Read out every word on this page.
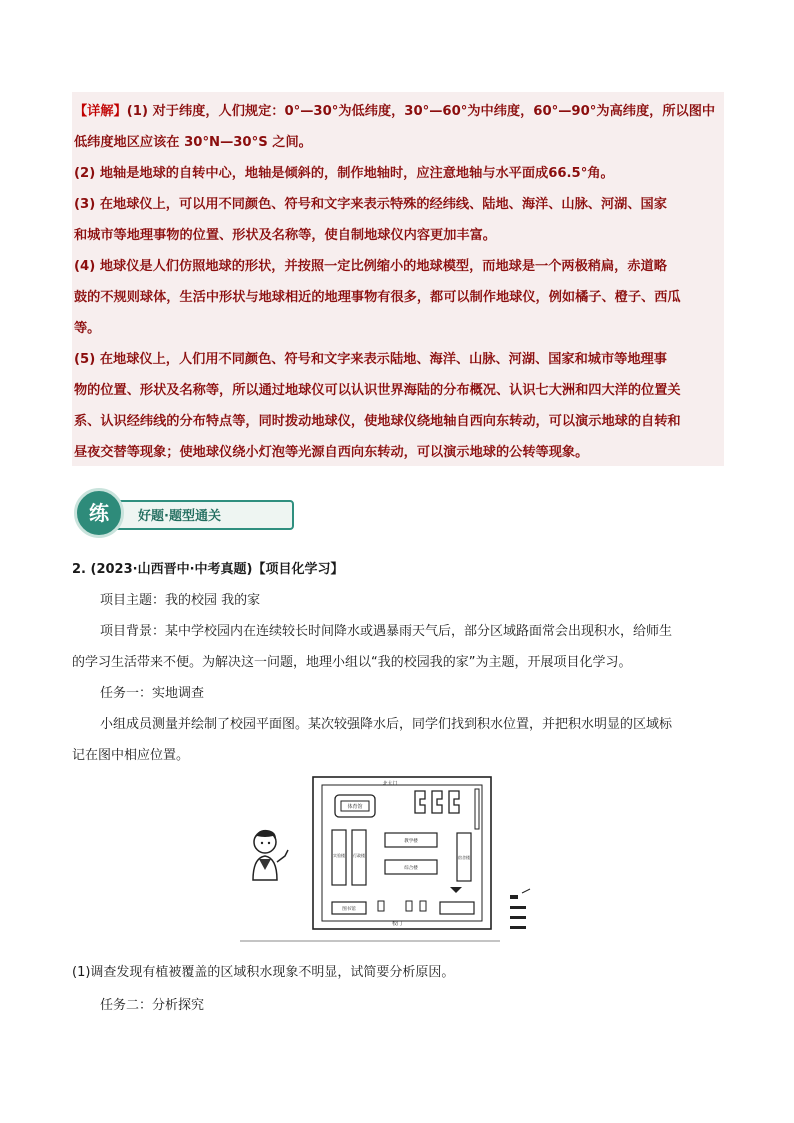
【详解】(1) 对于纬度，人们规定：0°—30°为低纬度，30°—60°为中纬度，60°—90°为高纬度，所以图中
低纬度地区应该在 30°N—30°S 之间。
(2) 地轴是地球的自转中心，地轴是倾斜的，制作地轴时，应注意地轴与水平面成66.5°角。
(3) 在地球仪上，可以用不同颜色、符号和文字来表示特殊的经纬线、陆地、海洋、山脉、河湖、国家
和城市等地理事物的位置、形状及名称等，使自制地球仪内容更加丰富。
(4) 地球仪是人们仿照地球的形状，并按照一定比例缩小的地球模型，而地球是一个两极稍扁，赤道略
鼓的不规则球体，生活中形状与地球相近的地理事物有很多，都可以制作地球仪，例如橘子、橙子、西瓜
等。
(5) 在地球仪上，人们用不同颜色、符号和文字来表示陆地、海洋、山脉、河湖、国家和城市等地理事
物的位置、形状及名称等，所以通过地球仪可以认识世界海陆的分布概况、认识七大洲和四大洋的位置关
系、认识经纬线的分布特点等，同时拨动地球仪，使地球仪绕地轴自西向东转动，可以演示地球的自转和
昼夜交替等现象；使地球仪绕小灯泡等光源自西向东转动，可以演示地球的公转等现象。
好题·题型通关
练
2. (2023·山西晋中·中考真题)【项目化学习】
项目主题：我的校园 我的家
项目背景：某中学校园内在连续较长时间降水或遇暴雨天气后，部分区域路面常会出现积水，给师生
的学习生活带来不便。为解决这一问题，地理小组以“我的校园我的家”为主题，开展项目化学习。
任务一：实地调查
小组成员测量并绘制了校园平面图。某次较强降水后，同学们找到积水位置，并把积水明显的区域标
记在图中相应位置。
北大门
体育馆
实验楼 行政楼
教学楼
综合楼
宿舍楼
图书馆
校门
(1)调查发现有植被覆盖的区域积水现象不明显，试简要分析原因。
任务二：分析探究
